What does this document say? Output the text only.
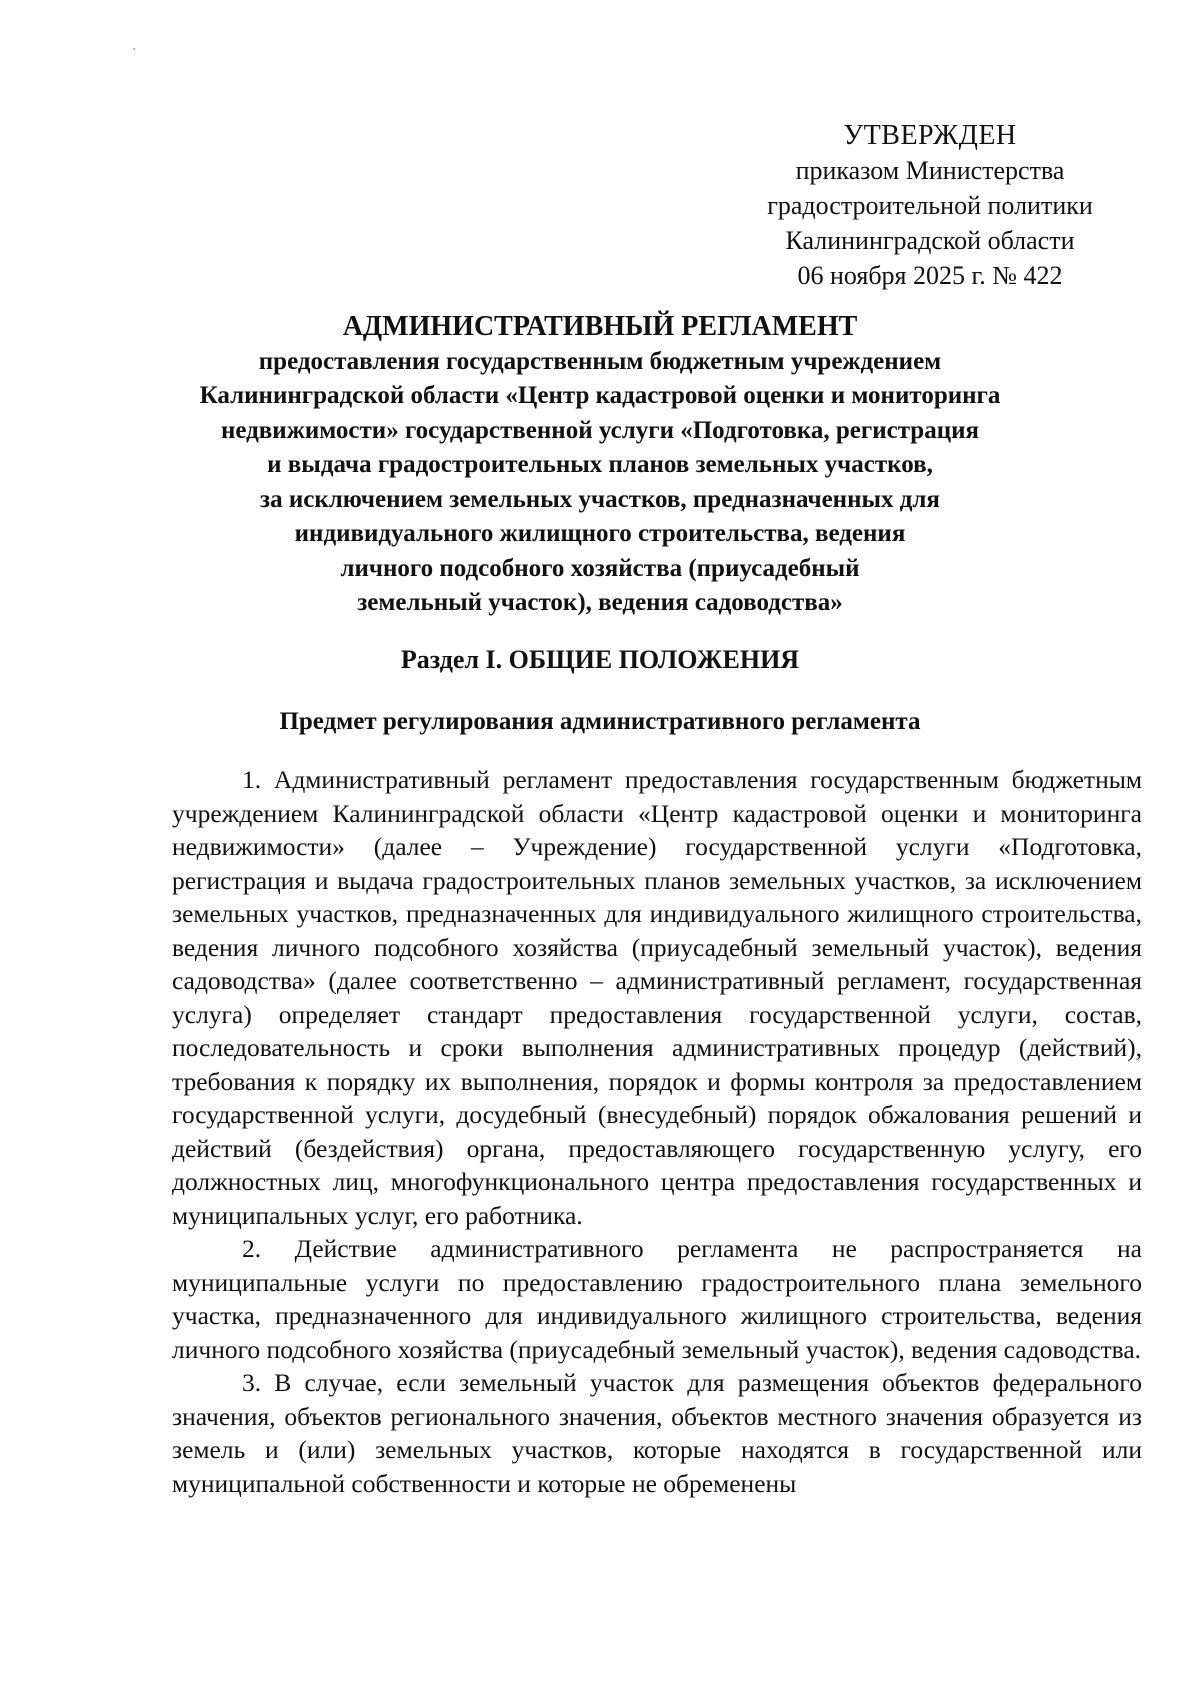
УТВЕРЖДЕН
приказом Министерства
градостроительной политики
Калининградской области
06 ноября 2025 г. № 422
АДМИНИСТРАТИВНЫЙ РЕГЛАМЕНТ
предоставления государственным бюджетным учреждением
Калининградской области «Центр кадастровой оценки и мониторинга
недвижимости» государственной услуги «Подготовка, регистрация
и выдача градостроительных планов земельных участков,
за исключением земельных участков, предназначенных для
индивидуального жилищного строительства, ведения
личного подсобного хозяйства (приусадебный
земельный участок), ведения садоводства»
Раздел I. ОБЩИЕ ПОЛОЖЕНИЯ
Предмет регулирования административного регламента

1. Административный регламент предоставления государственным бюджетным учреждением Калининградской области «Центр кадастровой оценки и мониторинга недвижимости» (далее – Учреждение) государственной услуги «Подготовка, регистрация и выдача градостроительных планов земельных участков, за исключением земельных участков, предназначенных для индивидуального жилищного строительства, ведения личного подсобного хозяйства (приусадебный земельный участок), ведения садоводства» (далее соответственно – административный регламент, государственная услуга) определяет стандарт предоставления государственной услуги, состав, последовательность и сроки выполнения административных процедур (действий), требования к порядку их выполнения, порядок и формы контроля за предоставлением государственной услуги, досудебный (внесудебный) порядок обжалования решений и действий (бездействия) органа, предоставляющего государственную услугу, его должностных лиц, многофункционального центра предоставления государственных и муниципальных услуг, его работника.

2. Действие административного регламента не распространяется на муниципальные услуги по предоставлению градостроительного плана земельного участка, предназначенного для индивидуального жилищного строительства, ведения личного подсобного хозяйства (приусадебный земельный участок), ведения садоводства.

3. В случае, если земельный участок для размещения объектов федерального значения, объектов регионального значения, объектов местного значения образуется из земель и (или) земельных участков, которые находятся в государственной или муниципальной собственности и которые не обременены
